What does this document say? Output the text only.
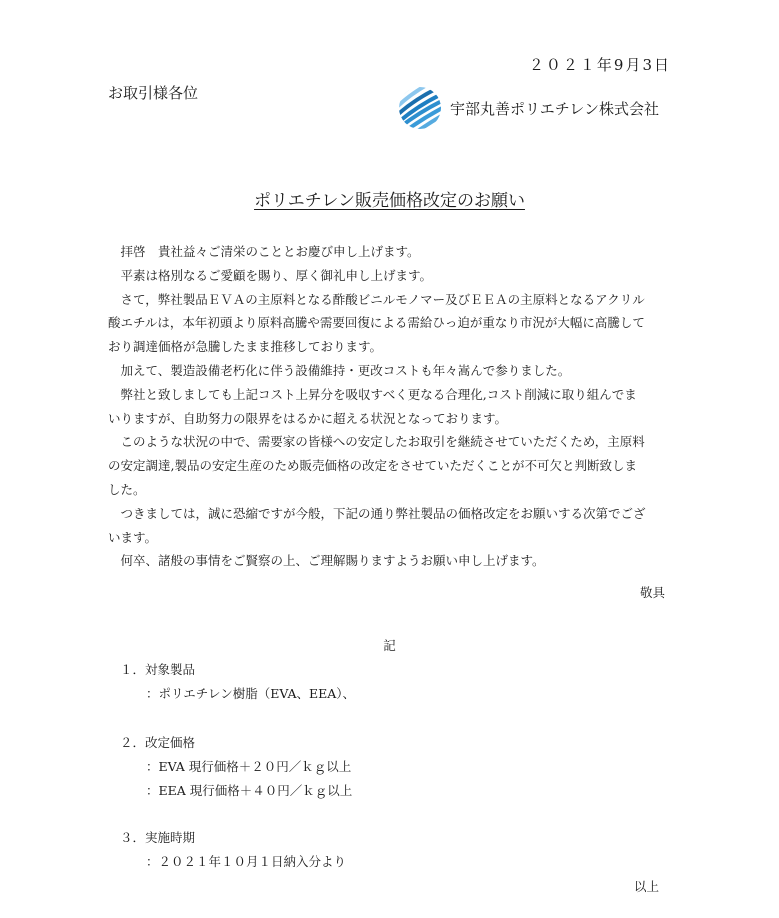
２０２１年9月3日
お取引様各位
宇部丸善ポリエチレン株式会社
ポリエチレン販売価格改定のお願い

拝啓　貴社益々ご清栄のこととお慶び申し上げます。

平素は格別なるご愛顧を賜り、厚く御礼申し上げます。

さて，弊社製品ＥＶＡの主原料となる酢酸ビニルモノマー及びＥＥＡの主原料となるアクリル

酸エチルは，本年初頭より原料高騰や需要回復による需給ひっ迫が重なり市況が大幅に高騰して

おり調達価格が急騰したまま推移しております。

加えて、製造設備老朽化に伴う設備維持・更改コストも年々嵩んで参りました。

弊社と致しましても上記コスト上昇分を吸収すべく更なる合理化,コスト削減に取り組んでま

いりますが、自助努力の限界をはるかに超える状況となっております。

このような状況の中で、需要家の皆様への安定したお取引を継続させていただくため，主原料

の安定調達,製品の安定生産のため販売価格の改定をさせていただくことが不可欠と判断致しま

した。

つきましては，誠に恐縮ですが今般，下記の通り弊社製品の価格改定をお願いする次第でござ

います。

何卒、諸般の事情をご賢察の上、ご理解賜りますようお願い申し上げます。

敬具
記
１．対象製品
：ポリエチレン樹脂（EVA、EEA）、
２．改定価格
：EVA 現行価格＋２０円／ｋｇ以上
：EEA 現行価格＋４０円／ｋｇ以上
３．実施時期
：２０２１年１０月１日納入分より
以上
